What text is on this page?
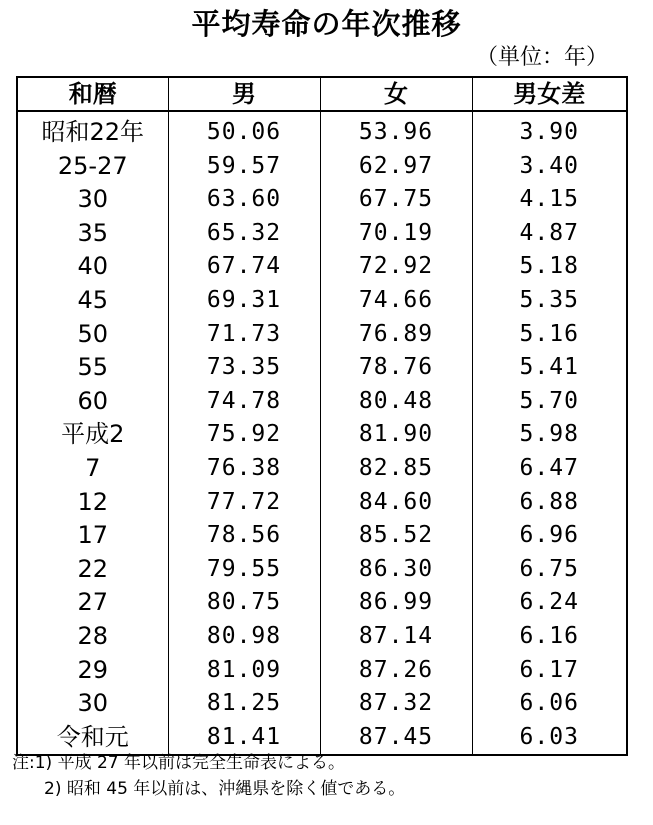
平均寿命の年次推移
（単位：年）
和暦	男	女	男女差
昭和22年	50.06	53.96	3.90
25-27	59.57	62.97	3.40
30	63.60	67.75	4.15
35	65.32	70.19	4.87
40	67.74	72.92	5.18
45	69.31	74.66	5.35
50	71.73	76.89	5.16
55	73.35	78.76	5.41
60	74.78	80.48	5.70
平成2	75.92	81.90	5.98
7	76.38	82.85	6.47
12	77.72	84.60	6.88
17	78.56	85.52	6.96
22	79.55	86.30	6.75
27	80.75	86.99	6.24
28	80.98	87.14	6.16
29	81.09	87.26	6.17
30	81.25	87.32	6.06
令和元	81.41	87.45	6.03
注:1) 平成 27 年以前は完全生命表による。
2) 昭和 45 年以前は、沖縄県を除く値である。
